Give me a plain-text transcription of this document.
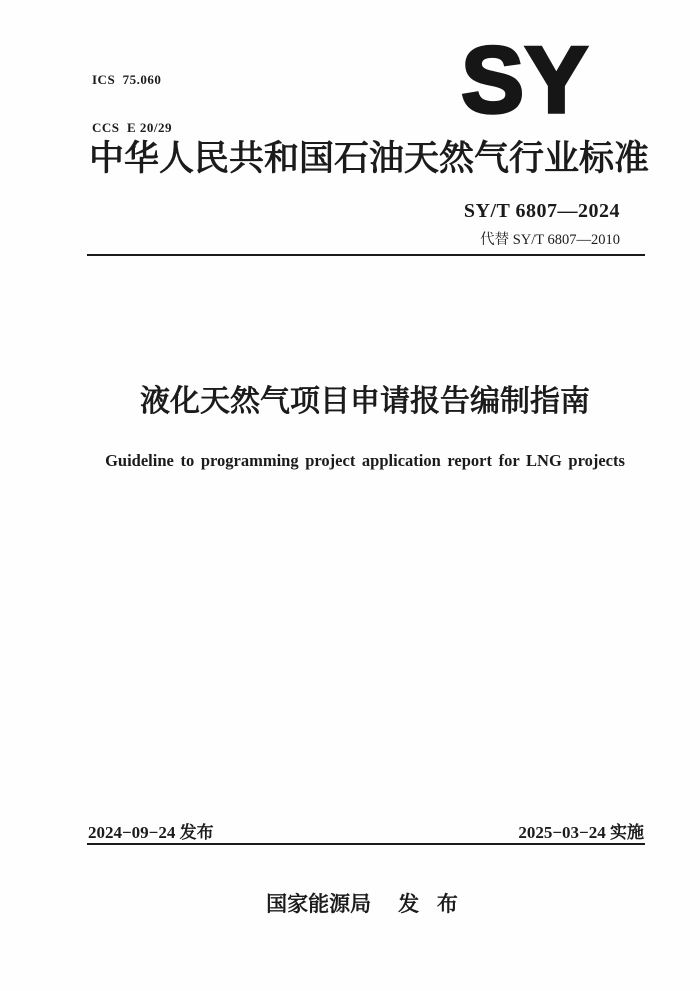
ICS  75.060

CCS  E 20/29

	SY
中华人民共和国石油天然气行业标准
SY/T 6807—2024
代替 SY/T 6807—2010
液化天然气项目申请报告编制指南
Guideline to programming project application report for LNG projects
2024−09−24 发布	2025−03−24 实施
国家能源局 发 布
